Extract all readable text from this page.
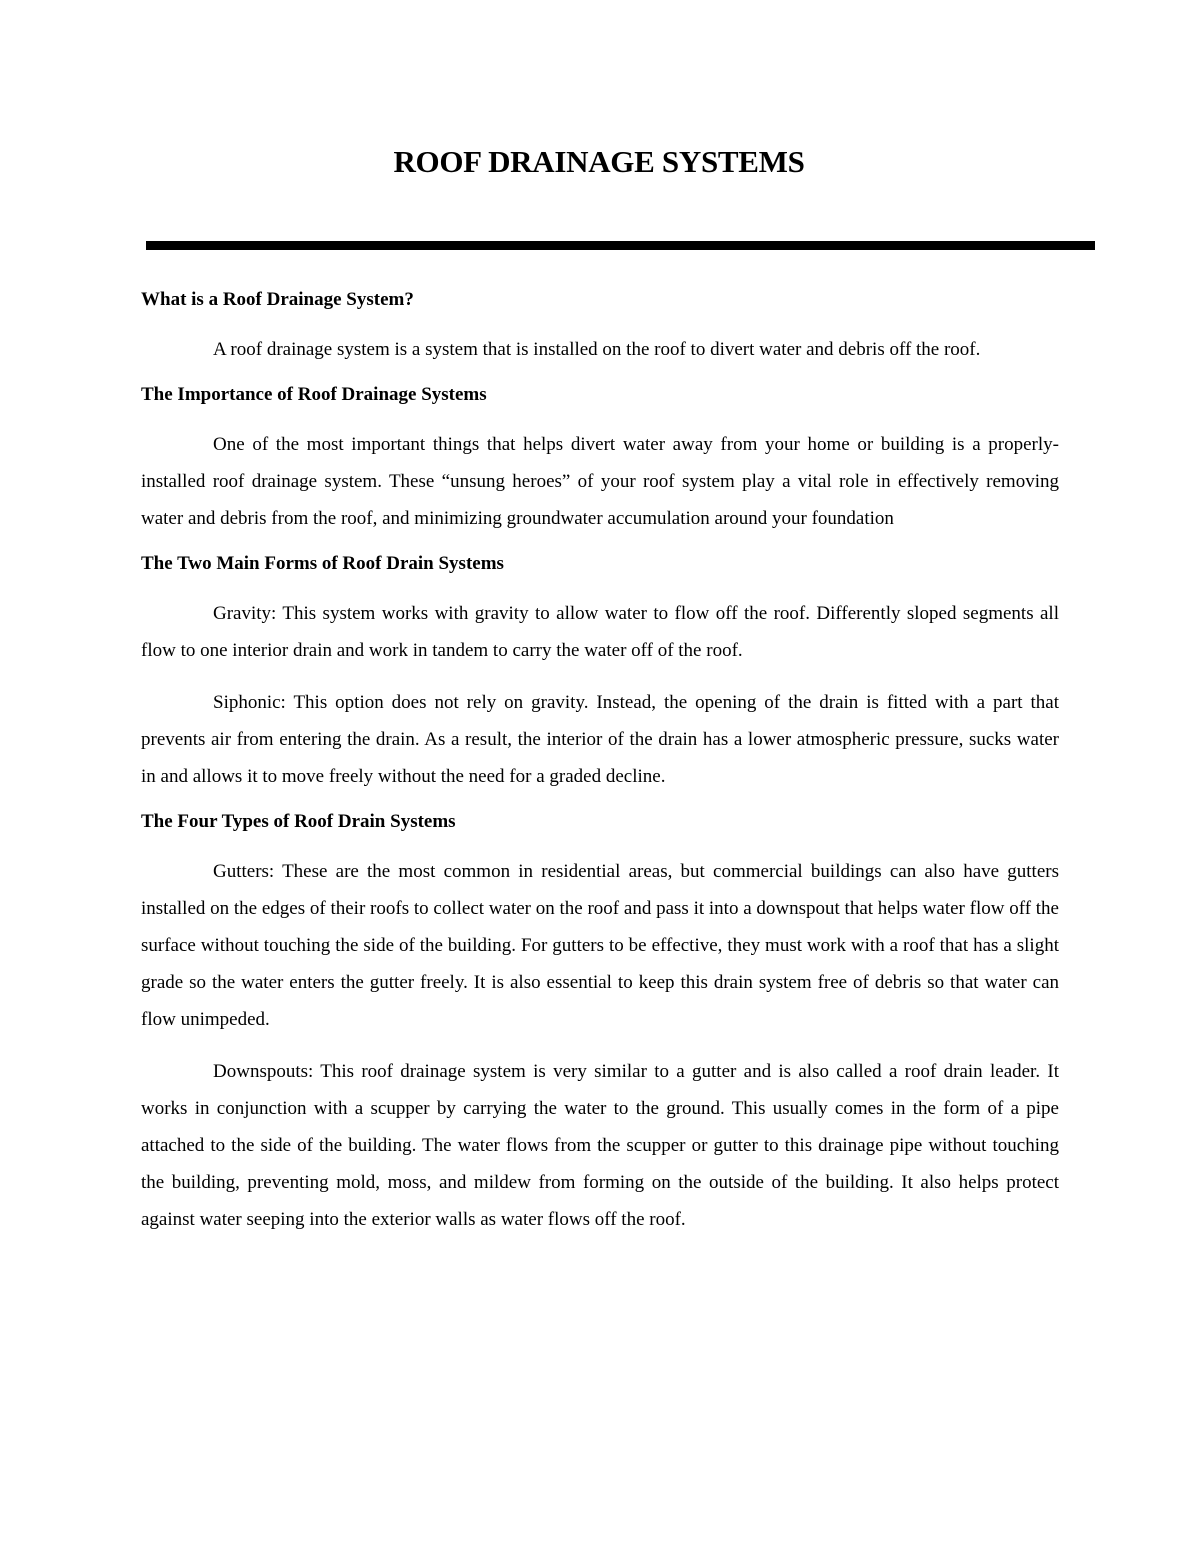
ROOF DRAINAGE SYSTEMS
What is a Roof Drainage System?

A roof drainage system is a system that is installed on the roof to divert water and debris off the roof.

The Importance of Roof Drainage Systems

One of the most important things that helps divert water away from your home or building is a properly-installed roof drainage system. These “unsung heroes” of your roof system play a vital role in effectively removing water and debris from the roof, and minimizing groundwater accumulation around your foundation

The Two Main Forms of Roof Drain Systems

Gravity: This system works with gravity to allow water to flow off the roof. Differently sloped segments all flow to one interior drain and work in tandem to carry the water off of the roof.

Siphonic: This option does not rely on gravity. Instead, the opening of the drain is fitted with a part that prevents air from entering the drain. As a result, the interior of the drain has a lower atmospheric pressure, sucks water in and allows it to move freely without the need for a graded decline.

The Four Types of Roof Drain Systems

Gutters: These are the most common in residential areas, but commercial buildings can also have gutters installed on the edges of their roofs to collect water on the roof and pass it into a downspout that helps water flow off the surface without touching the side of the building. For gutters to be effective, they must work with a roof that has a slight grade so the water enters the gutter freely. It is also essential to keep this drain system free of debris so that water can flow unimpeded.

Downspouts: This roof drainage system is very similar to a gutter and is also called a roof drain leader. It works in conjunction with a scupper by carrying the water to the ground. This usually comes in the form of a pipe attached to the side of the building. The water flows from the scupper or gutter to this drainage pipe without touching the building, preventing mold, moss, and mildew from forming on the outside of the building. It also helps protect against water seeping into the exterior walls as water flows off the roof.
